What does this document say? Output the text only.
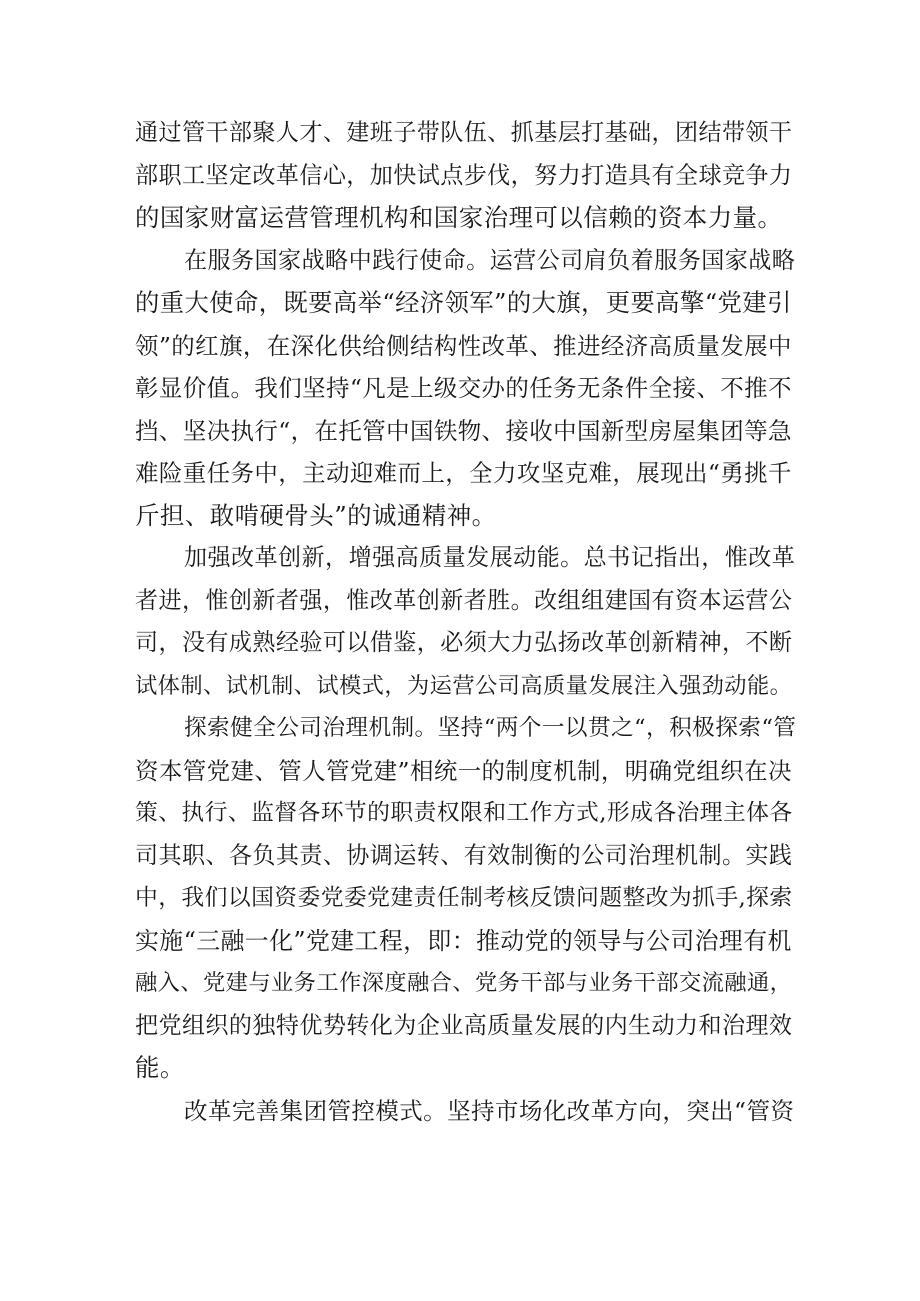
通过管干部聚人才、建班子带队伍、抓基层打基础，团结带领干
部职工坚定改革信心，加快试点步伐，努力打造具有全球竞争力
的国家财富运营管理机构和国家治理可以信赖的资本力量。
在服务国家战略中践行使命。运营公司肩负着服务国家战略
的重大使命，既要高举“经济领军”的大旗，更要高擎“党建引
领”的红旗，在深化供给侧结构性改革、推进经济高质量发展中
彰显价值。我们坚持“凡是上级交办的任务无条件全接、不推不
挡、坚决执行“，在托管中国铁物、接收中国新型房屋集团等急
难险重任务中，主动迎难而上，全力攻坚克难，展现出“勇挑千
斤担、敢啃硬骨头”的诚通精神。
加强改革创新，增强高质量发展动能。总书记指出，惟改革
者进，惟创新者强，惟改革创新者胜。改组组建国有资本运营公
司，没有成熟经验可以借鉴，必须大力弘扬改革创新精神，不断
试体制、试机制、试模式，为运营公司高质量发展注入强劲动能。
探索健全公司治理机制。坚持“两个一以贯之“，积极探索“管
资本管党建、管人管党建”相统一的制度机制，明确党组织在决
策、执行、监督各环节的职责权限和工作方式,形成各治理主体各
司其职、各负其责、协调运转、有效制衡的公司治理机制。实践
中，我们以国资委党委党建责任制考核反馈问题整改为抓手,探索
实施“三融一化”党建工程，即：推动党的领导与公司治理有机
融入、党建与业务工作深度融合、党务干部与业务干部交流融通，
把党组织的独特优势转化为企业高质量发展的内生动力和治理效
能。
改革完善集团管控模式。坚持市场化改革方向，突出“管资
